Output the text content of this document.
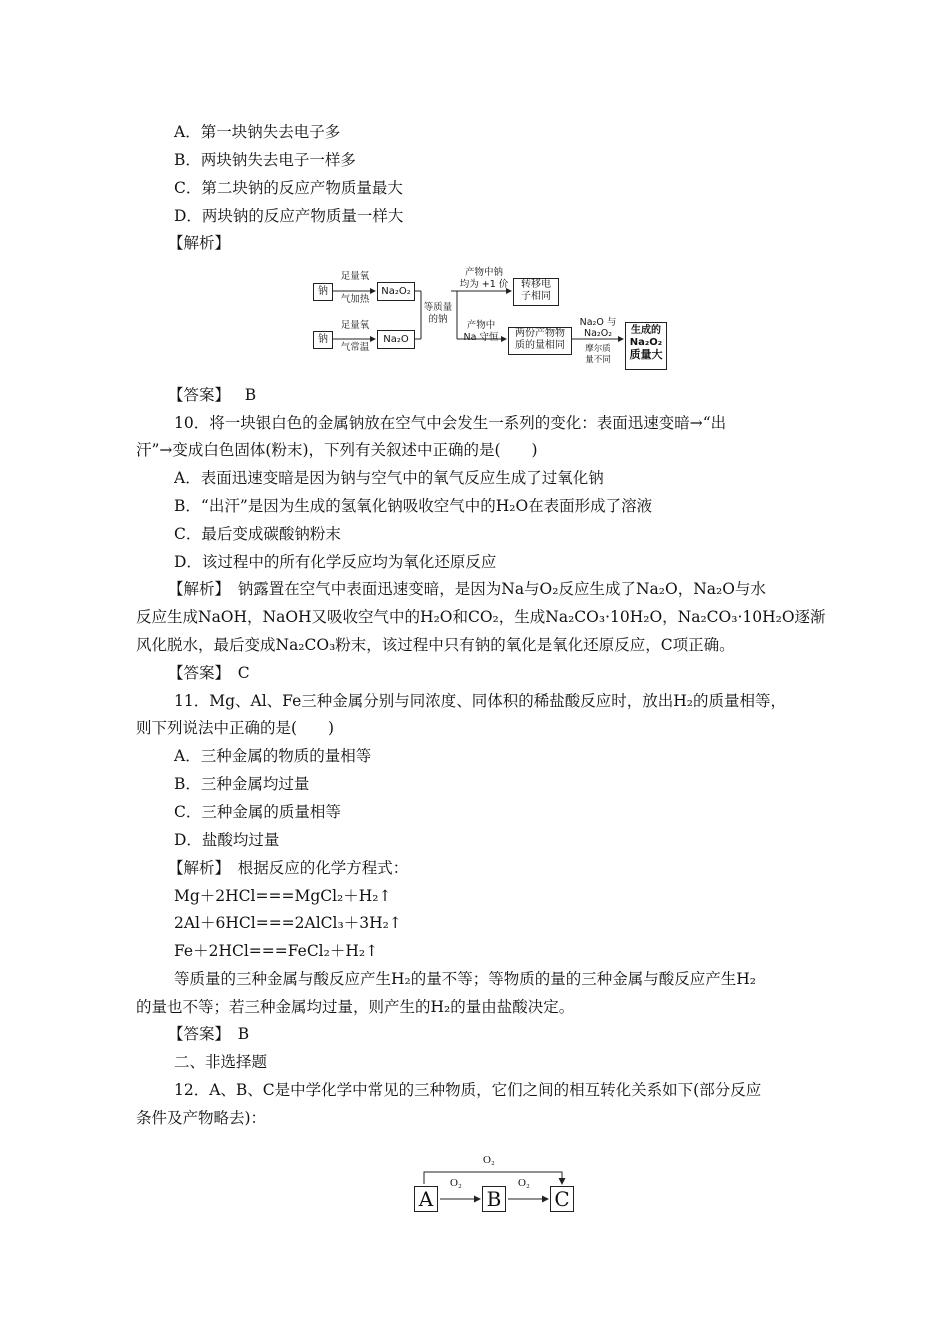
A．第一块钠失去电子多
B．两块钠失去电子一样多
C．第二块钠的反应产物质量最大
D．两块钠的反应产物质量一样大
【解析】
钠
足量氧
气加热
Na₂O₂
钠
足量氧
气常温
Na₂O
等质量
的钠
产物中钠
均为 +1 价	转移电
子相同
产物中
Na 守恒	两份产物物
质的量相同
Na₂O 与
Na₂O₂
摩尔质
量不同
生成的
Na₂O₂
质量大
【答案】 B
10．将一块银白色的金属钠放在空气中会发生一系列的变化：表面迅速变暗→“出
汗”→变成白色固体(粉末)，下列有关叙述中正确的是(　　)
A．表面迅速变暗是因为钠与空气中的氧气反应生成了过氧化钠
B．“出汗”是因为生成的氢氧化钠吸收空气中的H₂O在表面形成了溶液
C．最后变成碳酸钠粉末
D．该过程中的所有化学反应均为氧化还原反应
【解析】　钠露置在空气中表面迅速变暗，是因为Na与O₂反应生成了Na₂O，Na₂O与水
反应生成NaOH，NaOH又吸收空气中的H₂O和CO₂，生成Na₂CO₃·10H₂O，Na₂CO₃·10H₂O逐渐
风化脱水，最后变成Na₂CO₃粉末，该过程中只有钠的氧化是氧化还原反应，C项正确。
【答案】　C
11．Mg、Al、Fe三种金属分别与同浓度、同体积的稀盐酸反应时，放出H₂的质量相等，
则下列说法中正确的是(　　)
A．三种金属的物质的量相等
B．三种金属均过量
C．三种金属的质量相等
D．盐酸均过量
【解析】　根据反应的化学方程式：
Mg＋2HCl===MgCl₂＋H₂↑
2Al＋6HCl===2AlCl₃＋3H₂↑
Fe＋2HCl===FeCl₂＋H₂↑
等质量的三种金属与酸反应产生H₂的量不等；等物质的量的三种金属与酸反应产生H₂
的量也不等；若三种金属均过量，则产生的H₂的量由盐酸决定。
【答案】　B
二、非选择题
12．A、B、C是中学化学中常见的三种物质，它们之间的相互转化关系如下(部分反应
条件及产物略去)：
O₂
O₂	O₂
A	B	C
